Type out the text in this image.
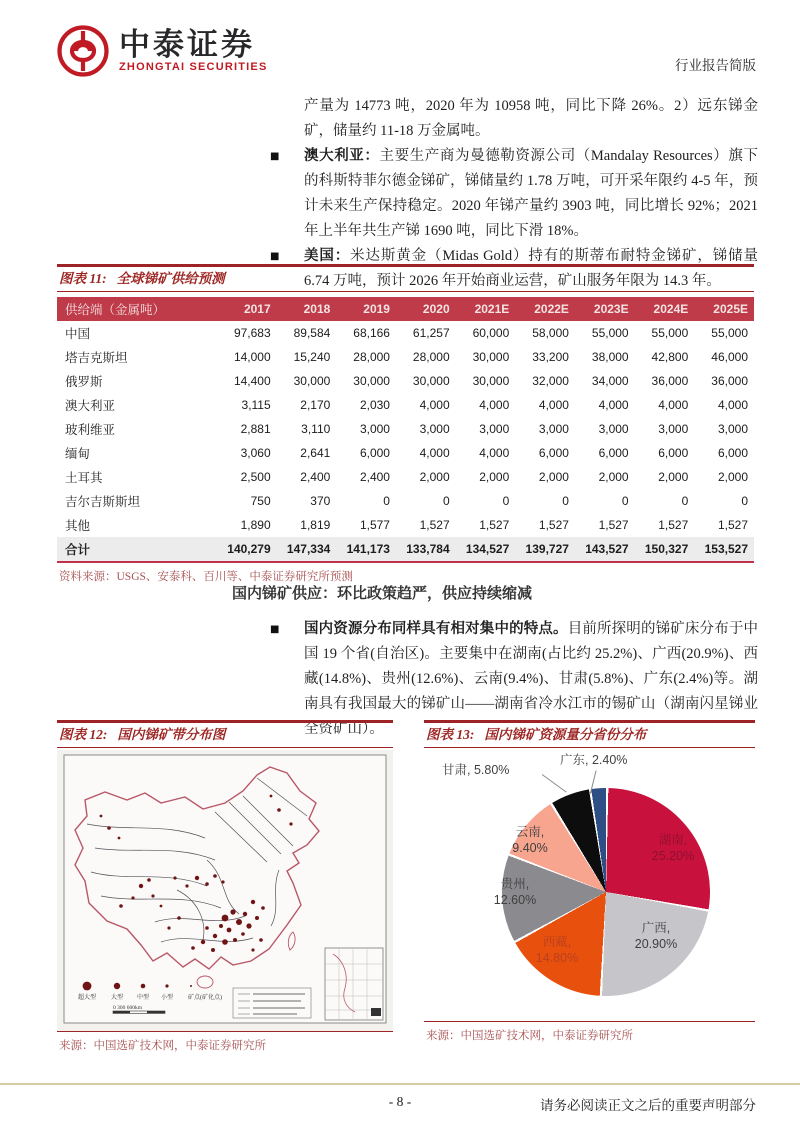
中泰证券
ZHONGTAI SECURITIES	行业报告简版

产量为 14773 吨，2020 年为 10958 吨，同比下降 26%。2）远东锑金矿，储量约 11-18 万金属吨。

■	澳大利亚：主要生产商为曼德勒资源公司（Mandalay Resources）旗下的科斯特菲尔德金锑矿，锑储量约 1.78 万吨，可开采年限约 4-5 年，预计未来生产保持稳定。2020 年锑产量约 3903 吨，同比增长 92%；2021 年上半年共生产锑 1690 吨，同比下滑 18%。
■	美国：米达斯黄金（Midas Gold）持有的斯蒂布耐特金锑矿，锑储量 6.74 万吨，预计 2026 年开始商业运营，矿山服务年限为 14.3 年。
图表 11: 全球锑矿供给预测
供给端（金属吨）	2017	2018	2019	2020	2021E	2022E	2023E	2024E	2025E
中国	97,683	89,584	68,166	61,257	60,000	58,000	55,000	55,000	55,000
塔吉克斯坦	14,000	15,240	28,000	28,000	30,000	33,200	38,000	42,800	46,000
俄罗斯	14,400	30,000	30,000	30,000	30,000	32,000	34,000	36,000	36,000
澳大利亚	3,115	2,170	2,030	4,000	4,000	4,000	4,000	4,000	4,000
玻利维亚	2,881	3,110	3,000	3,000	3,000	3,000	3,000	3,000	3,000
缅甸	3,060	2,641	6,000	4,000	4,000	6,000	6,000	6,000	6,000
土耳其	2,500	2,400	2,400	2,000	2,000	2,000	2,000	2,000	2,000
吉尔吉斯斯坦	750	370	0	0	0	0	0	0	0
其他	1,890	1,819	1,577	1,527	1,527	1,527	1,527	1,527	1,527
合计	140,279	147,334	141,173	133,784	134,527	139,727	143,527	150,327	153,527
资料来源：USGS、安泰科、百川等、中泰证券研究所预测
国内锑矿供应：环比政策趋严，供应持续缩减
■	国内资源分布同样具有相对集中的特点。目前所探明的锑矿床分布于中国 19 个省(自治区)。主要集中在湖南(占比约 25.2%)、广西(20.9%)、西藏(14.8%)、贵州(12.6%)、云南(9.4%)、甘肃(5.8%)、广东(2.4%)等。湖南具有我国最大的锑矿山——湖南省冷水江市的锡矿山（湖南闪星锑业全资矿山）。
图表 12: 国内锑矿带分布图
超大型 大型 中型 小型 矿点(矿化点)
0 300 600km
来源：中国选矿技术网，中泰证券研究所
图表 13: 国内锑矿资源量分省份分布
湖南, 25.20%
广西, 20.90%
西藏, 14.80%
贵州, 12.60%
云南, 9.40%
甘肃, 5.80%
广东, 2.40%
来源：中国选矿技术网，中泰证券研究所
- 8 -	请务必阅读正文之后的重要声明部分
